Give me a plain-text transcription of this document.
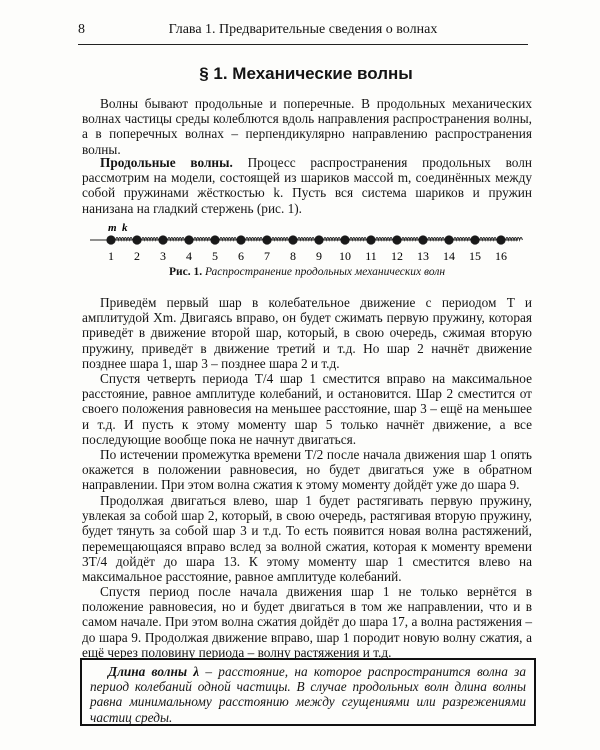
8	Глава 1. Предварительные сведения о волнах
§ 1. Механические волны

Волны бывают продольные и поперечные. В продольных механических волнах частицы среды колеблются вдоль направления распространения волны, а в поперечных волнах – перпендикулярно направлению распространения волны.

Продольные волны. Процесс распространения продольных волн рассмотрим на модели, состоящей из шариков массой m, соединённых между собой пружинами жёсткостью k. Пусть вся система шариков и пружин нанизана на гладкий стержень (рис. 1).

m k
1 2 3 4 5 6 7 8 9 10 11 12 13 14 15 16
Рис. 1. Распространение продольных механических волн

Приведём первый шар в колебательное движение с периодом T и амплитудой Xm. Двигаясь вправо, он будет сжимать первую пружину, которая приведёт в движение второй шар, который, в свою очередь, сжимая вторую пружину, приведёт в движение третий и т.д. Но шар 2 начнёт движение позднее шара 1, шар 3 – позднее шара 2 и т.д.

Спустя четверть периода T/4 шар 1 сместится вправо на максимальное расстояние, равное амплитуде колебаний, и остановится. Шар 2 сместится от своего положения равновесия на меньшее расстояние, шар 3 – ещё на меньшее и т.д. И пусть к этому моменту шар 5 только начнёт движение, а все последующие вообще пока не начнут двигаться.

По истечении промежутка времени T/2 после начала движения шар 1 опять окажется в положении равновесия, но будет двигаться уже в обратном направлении. При этом волна сжатия к этому моменту дойдёт уже до шара 9.

Продолжая двигаться влево, шар 1 будет растягивать первую пружину, увлекая за собой шар 2, который, в свою очередь, растягивая вторую пружину, будет тянуть за собой шар 3 и т.д. То есть появится новая волна растяжений, перемещающаяся вправо вслед за волной сжатия, которая к моменту времени 3T/4 дойдёт до шара 13. К этому моменту шар 1 сместится влево на максимальное расстояние, равное амплитуде колебаний.

Спустя период после начала движения шар 1 не только вернётся в положение равновесия, но и будет двигаться в том же направлении, что и в самом начале. При этом волна сжатия дойдёт до шара 17, а волна растяжения – до шара 9. Продолжая движение вправо, шар 1 породит новую волну сжатия, а ещё через половину периода – волну растяжения и т.д.

Длина волны λ – расстояние, на которое распространится волна за период колебаний одной частицы. В случае продольных волн длина волны равна минимальному расстоянию между сгущениями или разрежениями частиц среды.
